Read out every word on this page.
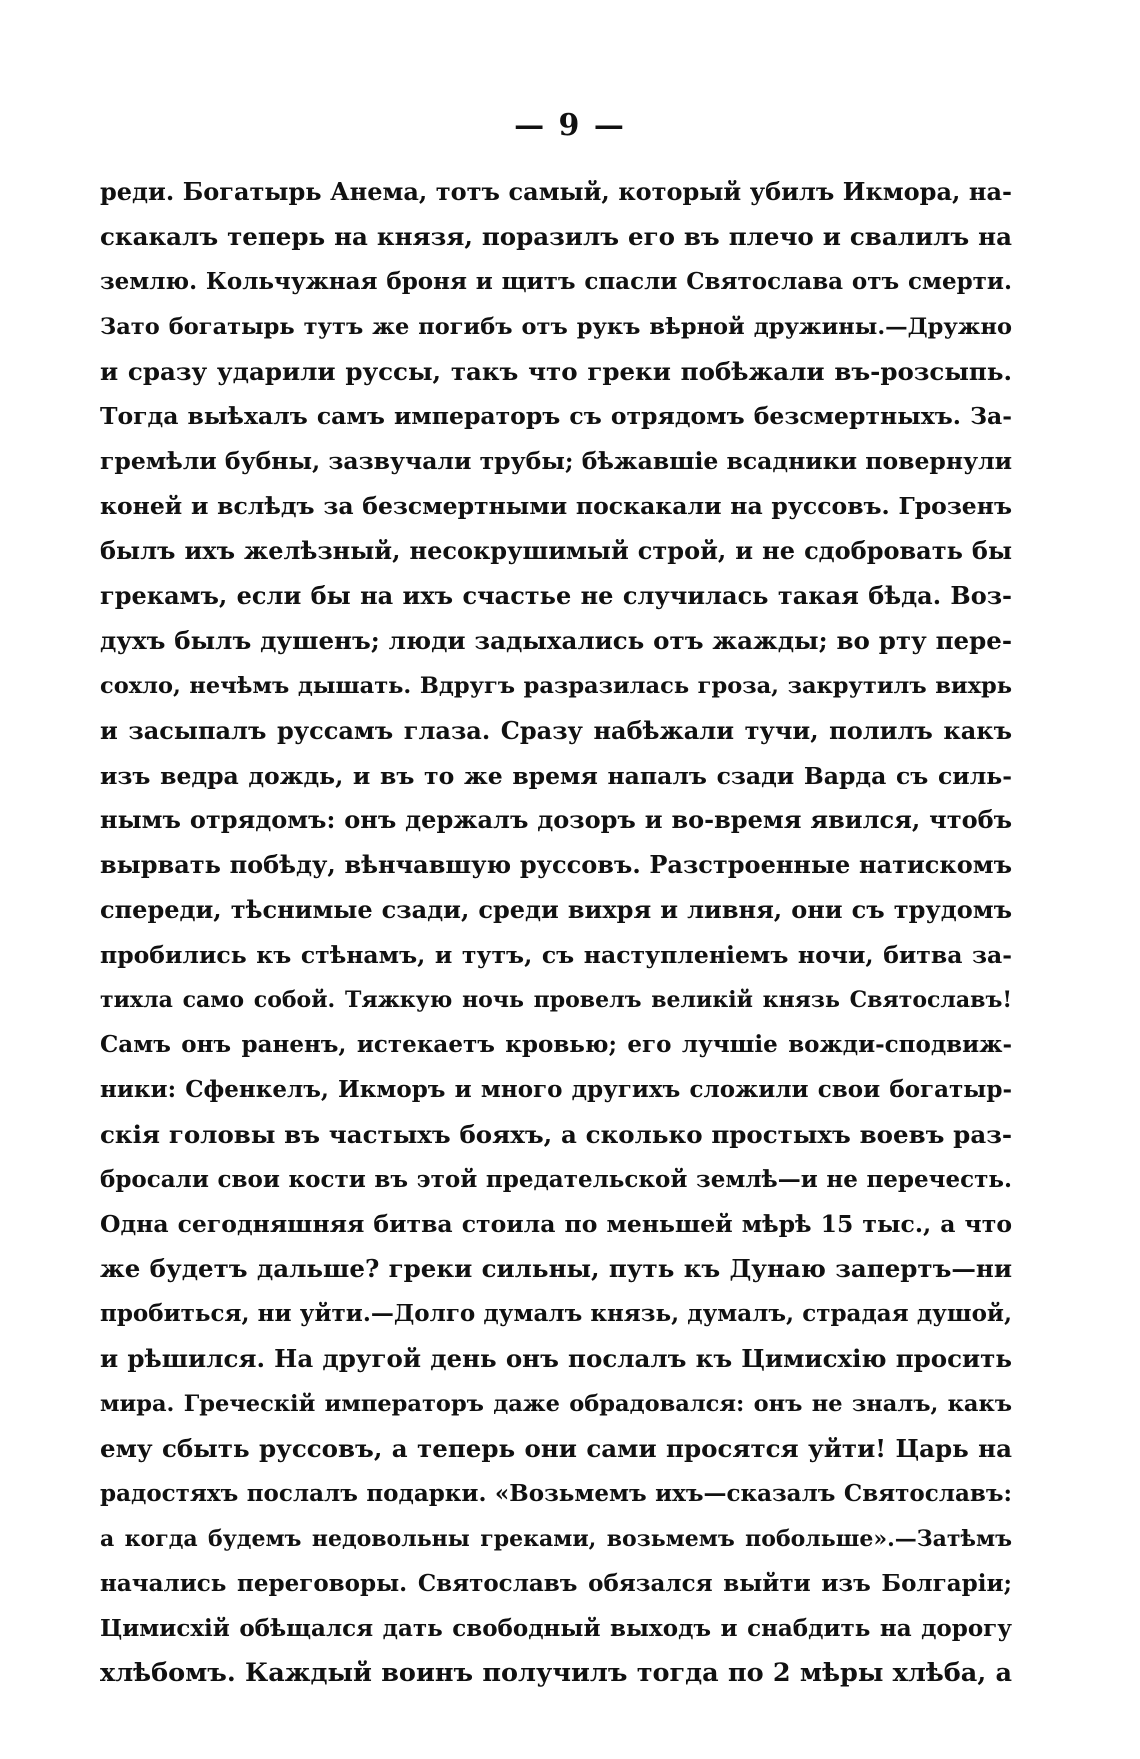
— 9 —
реди. Богатырь Анема, тотъ самый, который убилъ Икмора, на-
скакалъ теперь на князя, поразилъ его въ плечо и свалилъ на
землю. Кольчужная броня и щитъ спасли Святослава отъ смерти.
Зато богатырь тутъ же погибъ отъ рукъ вѣрной дружины.—Дружно
и сразу ударили руссы, такъ что греки побѣжали въ-розсыпь.
Тогда выѣхалъ самъ императоръ съ отрядомъ безсмертныхъ. За-
гремѣли бубны, зазвучали трубы; бѣжавшіе всадники повернули
коней и вслѣдъ за безсмертными поскакали на руссовъ. Грозенъ
былъ ихъ желѣзный, несокрушимый строй, и не сдобровать бы
грекамъ, если бы на ихъ счастье не случилась такая бѣда. Воз-
духъ былъ душенъ; люди задыхались отъ жажды; во рту пере-
сохло, нечѣмъ дышать. Вдругъ разразилась гроза, закрутилъ вихрь
и засыпалъ руссамъ глаза. Сразу набѣжали тучи, полилъ какъ
изъ ведра дождь, и въ то же время напалъ сзади Варда съ силь-
нымъ отрядомъ: онъ держалъ дозоръ и во-время явился, чтобъ
вырвать побѣду, вѣнчавшую руссовъ. Разстроенные натискомъ
спереди, тѣснимые сзади, среди вихря и ливня, они съ трудомъ
пробились къ стѣнамъ, и тутъ, съ наступленіемъ ночи, битва за-
тихла само собой. Тяжкую ночь провелъ великій князь Святославъ!
Самъ онъ раненъ, истекаетъ кровью; его лучшіе вожди-сподвиж-
ники: Сфенкелъ, Икморъ и много другихъ сложили свои богатыр-
скія головы въ частыхъ бояхъ, а сколько простыхъ воевъ раз-
бросали свои кости въ этой предательской землѣ—и не перечесть.
Одна сегодняшняя битва стоила по меньшей мѣрѣ 15 тыс., а что
же будетъ дальше? греки сильны, путь къ Дунаю запертъ—ни
пробиться, ни уйти.—Долго думалъ князь, думалъ, страдая душой,
и рѣшился. На другой день онъ послалъ къ Цимисхію просить
мира. Греческій императоръ даже обрадовался: онъ не зналъ, какъ
ему сбыть руссовъ, а теперь они сами просятся уйти! Царь на
радостяхъ послалъ подарки. «Возьмемъ ихъ—сказалъ Святославъ:
а когда будемъ недовольны греками, возьмемъ побольше».—Затѣмъ
начались переговоры. Святославъ обязался выйти изъ Болгаріи;
Цимисхій обѣщался дать свободный выходъ и снабдить на дорогу
хлѣбомъ. Каждый воинъ получилъ тогда по 2 мѣры хлѣба, а
